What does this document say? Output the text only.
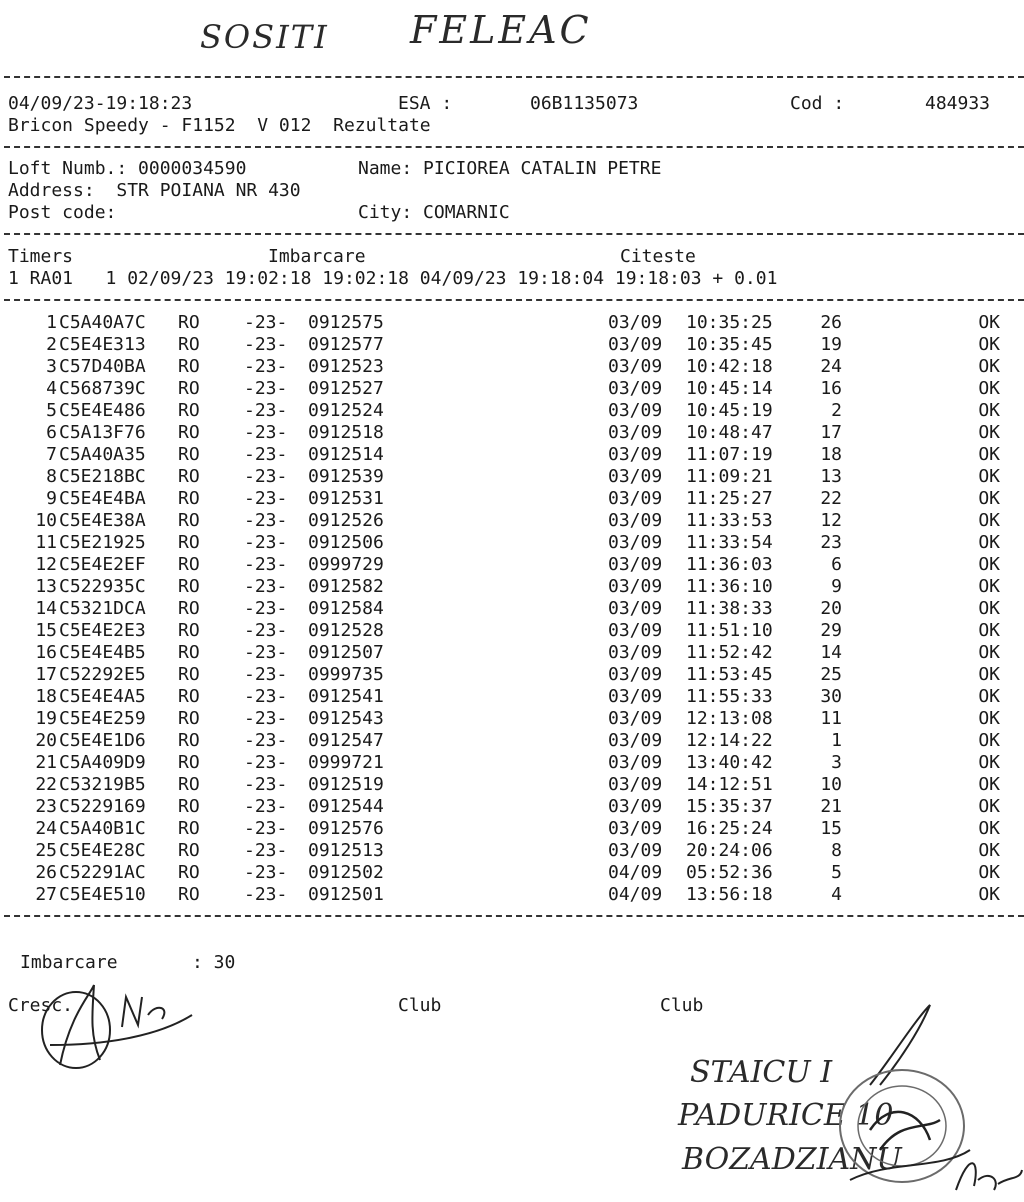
SOSITI FELEAC
04/09/23-19:18:23	ESA :	06B1135073	Cod :	484933
Bricon Speedy - F1152  V 012  Rezultate
Loft Numb.: 0000034590	Name: PICIOREA CATALIN PETRE
Address:  STR POIANA NR 430
Post code:	City: COMARNIC
Timers	Imbarcare	Citeste
1 RA01   1 02/09/23 19:02:18 19:02:18 04/09/23 19:18:04 19:18:03 + 0.01
1 C5A40A7C RO -23- 0912575	03/09 10:35:25	26	OK
2 C5E4E313 RO -23- 0912577	03/09 10:35:45	19	OK
3 C57D40BA RO -23- 0912523	03/09 10:42:18	24	OK
4 C568739C RO -23- 0912527	03/09 10:45:14	16	OK
5 C5E4E486 RO -23- 0912524	03/09 10:45:19	2	OK
6 C5A13F76 RO -23- 0912518	03/09 10:48:47	17	OK
7 C5A40A35 RO -23- 0912514	03/09 11:07:19	18	OK
8 C5E218BC RO -23- 0912539	03/09 11:09:21	13	OK
9 C5E4E4BA RO -23- 0912531	03/09 11:25:27	22	OK
10 C5E4E38A RO -23- 0912526	03/09 11:33:53	12	OK
11 C5E21925 RO -23- 0912506	03/09 11:33:54	23	OK
12 C5E4E2EF RO -23- 0999729	03/09 11:36:03	6	OK
13 C522935C RO -23- 0912582	03/09 11:36:10	9	OK
14 C5321DCA RO -23- 0912584	03/09 11:38:33	20	OK
15 C5E4E2E3 RO -23- 0912528	03/09 11:51:10	29	OK
16 C5E4E4B5 RO -23- 0912507	03/09 11:52:42	14	OK
17 C52292E5 RO -23- 0999735	03/09 11:53:45	25	OK
18 C5E4E4A5 RO -23- 0912541	03/09 11:55:33	30	OK
19 C5E4E259 RO -23- 0912543	03/09 12:13:08	11	OK
20 C5E4E1D6 RO -23- 0912547	03/09 12:14:22	1	OK
21 C5A409D9 RO -23- 0999721	03/09 13:40:42	3	OK
22 C53219B5 RO -23- 0912519	03/09 14:12:51	10	OK
23 C5229169 RO -23- 0912544	03/09 15:35:37	21	OK
24 C5A40B1C RO -23- 0912576	03/09 16:25:24	15	OK
25 C5E4E28C RO -23- 0912513	03/09 20:24:06	8	OK
26 C52291AC RO -23- 0912502	04/09 05:52:36	5	OK
27 C5E4E510 RO -23- 0912501	04/09 13:56:18	4	OK
Imbarcare	: 30
Cresc.	Club	Club
STAICU I
PADURICE 10
BOZADZIANU
